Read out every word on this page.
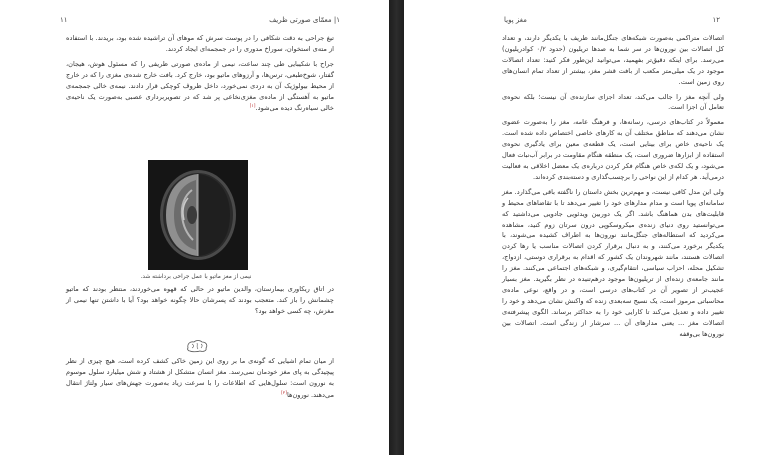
۱| معمّای صورتی ظریف
۱۱

تیغ جراحی به دقت شکافی را در پوست سرش که موهای آن تراشیده شده بود، بریدند. با استفاده از مته‌ی استخوان، سوراخ مدوری را در جمجمه‌ای ایجاد کردند.

جراح با شکیبایی طی چند ساعت، نیمی از ماده‌ی صورتی ظریفی را که مسئول هوش، هیجان، گفتار، شوخ‌طبعی، ترس‌ها، و آرزوهای ماتیو بود، خارج کرد. بافت خارج شده‌ی مغزی را که در خارج از محیط بیولوژیک آن به دردی نمی‌خورد، داخل ظروف کوچکی قرار دادند. نیمه‌ی خالی جمجمه‌ی ماتیو به آهستگی از ماده‌ی مغزی‌نخاعی پر شد که در تصویربرداری عصبی به‌صورت یک ناحیه‌ی خالی سیاه‌رنگ دیده می‌شود.[۱]

نیمی از مغز ماتیو با عمل جراحی برداشته شد.

در اتاق ریکاوری بیمارستان، والدین ماتیو در حالی که قهوه می‌خوردند، منتظر بودند که ماتیو چشمانش را باز کند. متعجب بودند که پسرشان حالا چگونه خواهد بود؟ آیا با داشتن تنها نیمی از مغزش، چه کسی خواهد بود؟

از میان تمام اشیایی که گونه‌ی ما بر روی این زمین خاکی کشف کرده است، هیچ چیزی از نظر پیچیدگی به پای مغز خودمان نمی‌رسد. مغز انسان متشکل از هشتاد و شش میلیارد سلول موسوم به نورون است: سلول‌هایی که اطلاعات را با سرعت زیاد به‌صورت جهش‌های سیار ولتاژ انتقال می‌دهند. نورون‌ها[۲]

۱۲
مغز پویا

اتصالات متراکمی به‌صورت شبکه‌های جنگل‌مانند ظریف با یکدیگر دارند، و تعداد کل اتصالات بین نورون‌ها در سر شما به صدها تریلیون (حدود ۰/۲ کوادریلیون) می‌رسد. برای اینکه دقیق‌تر بفهمید، می‌توانید این‌طور فکر کنید: تعداد اتصالات موجود در یک میلی‌متر مکعب از بافت قشر مغز، بیشتر از تعداد تمام انسان‌های روی زمین است.

ولی آنچه مغز را جالب می‌کند، تعداد اجزای سازنده‌ی آن نیست؛ بلکه نحوه‌ی تعامل آن اجزا است.

معمولاً در کتاب‌های درسی، رسانه‌ها، و فرهنگ عامه، مغز را به‌صورت عضوی نشان می‌دهند که مناطق مختلف آن به کارهای خاصی اختصاص داده شده است. یک ناحیه‌ی خاص برای بینایی است، یک قطعه‌ی معین برای یادگیری نحوه‌ی استفاده از ابزارها ضروری است، یک منطقه هنگام مقاومت در برابر آب‌نبات فعال می‌شود، و یک لکه‌ی خاص هنگام فکر کردن درباره‌ی یک معضل اخلاقی به فعالیت درمی‌آید. هر کدام از این نواحی را برچسب‌گذاری و دسته‌بندی کرده‌اند.

ولی این مدل کافی نیست، و مهم‌ترین بخش داستان را ناگفته باقی می‌گذارد. مغز سامانه‌ای پویا است و مدام مدارهای خود را تغییر می‌دهد تا با تقاضاهای محیط و قابلیت‌های بدن هماهنگ باشد. اگر یک دوربین ویدئویی جادویی می‌داشتید که می‌توانستید روی دنیای زنده‌ی میکروسکوپی درون سرتان زوم کنید، مشاهده می‌کردید که استطاله‌های جنگل‌مانند نورون‌ها به اطراف کشیده می‌شوند، با یکدیگر برخورد می‌کنند، و به دنبال برقرار کردن اتصالات مناسب یا رها کردن اتصالات هستند، مانند شهروندان یک کشور که اقدام به برقراری دوستی، ازدواج، تشکیل محله، احزاب سیاسی، انتقام‌گیری، و شبکه‌های اجتماعی می‌کنند. مغز را مانند جامعه‌ی زنده‌ای از تریلیون‌ها موجود درهم‌تنیده در نظر بگیرید. مغز بسیار عجیب‌تر از تصویر آن در کتاب‌های درسی است، و در واقع، نوعی ماده‌ی محاسباتی مرموز است، یک نسیج سه‌بعدی زنده که واکنش نشان می‌دهد و خود را تغییر داده و تعدیل می‌کند تا کارایی خود را به حداکثر برساند. الگوی پیشرفته‌ی اتصالات مغز ... یعنی مدارهای آن ... سرشار از زندگی است. اتصالات بین نورون‌ها بی‌وقفه
